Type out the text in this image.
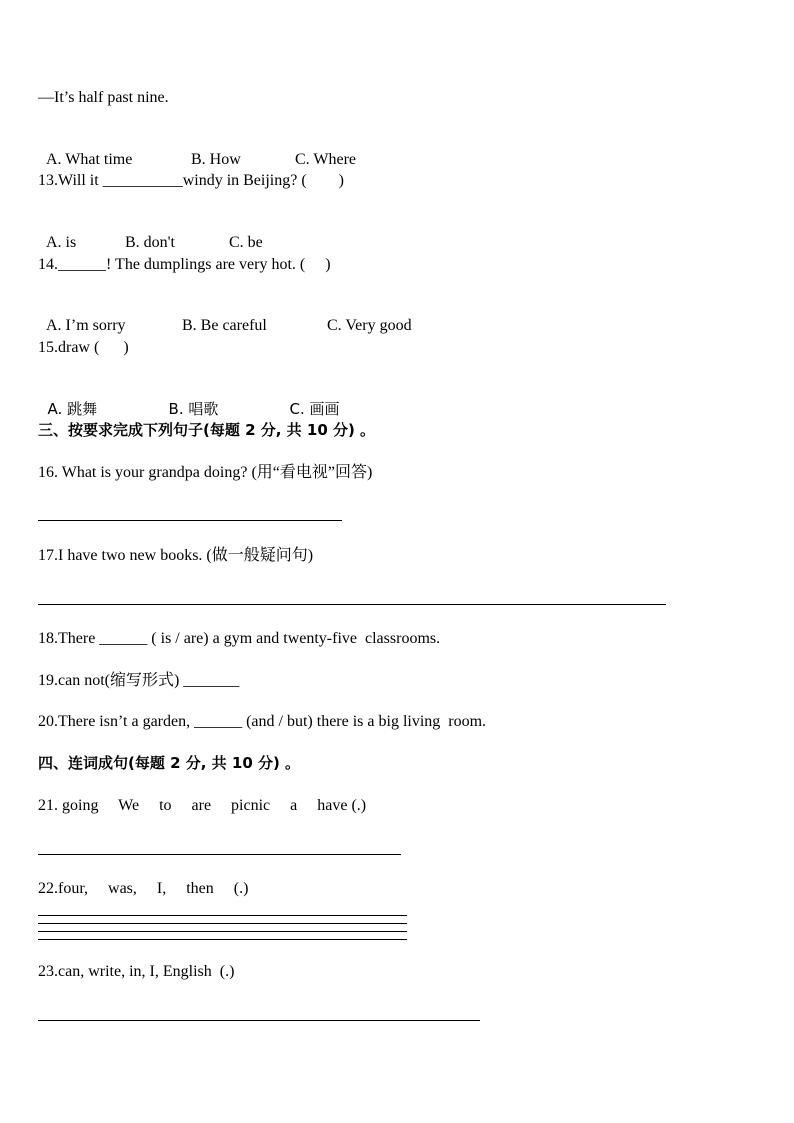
—It’s half past nine.

A. What time	B. How	C. Where

13.Will it __________windy in Beijing? (        )

A. is	B. don't	C. be

14.______! The dumplings are very hot. (     )

A. I’m sorry	B. Be careful	C. Very good

15.draw (      )

A. 跳舞	B. 唱歌	C. 画画

三、按要求完成下列句子(每题 2 分, 共 10 分) 。
16. What is your grandpa doing? (用“看电视”回答)
17.I have two new books. (做一般疑问句)
18.There ______ ( is / are) a gym and twenty-five  classrooms.
19.can not(缩写形式) _______
20.There isn’t a garden, ______ (and / but) there is a big living  room.
四、连词成句(每题 2 分, 共 10 分) 。
21. going     We     to     are     picnic     a     have (.)
22.four,     was,     I,     then     (.)
23.can, write, in, I, English  (.)
